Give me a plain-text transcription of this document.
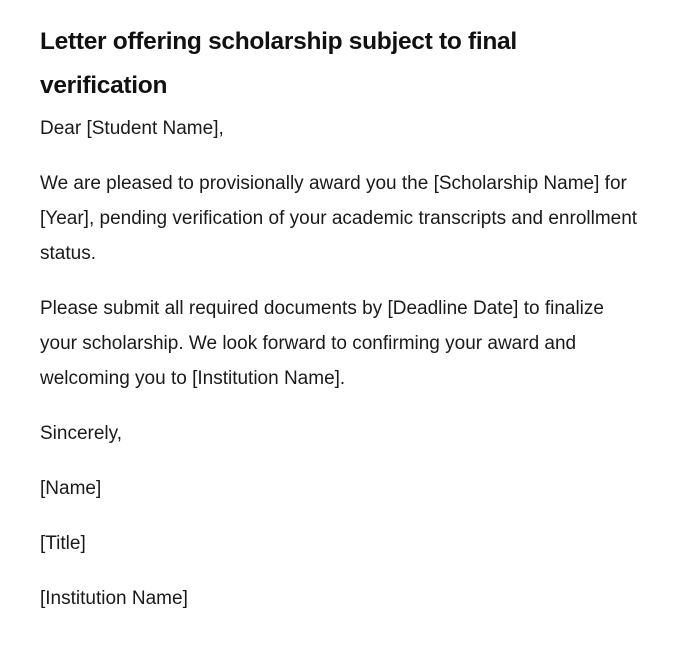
Letter offering scholarship subject to final verification

Dear [Student Name],

We are pleased to provisionally award you the [Scholarship Name] for [Year], pending verification of your academic transcripts and enrollment status.

Please submit all required documents by [Deadline Date] to finalize your scholarship. We look forward to confirming your award and welcoming you to [Institution Name].

Sincerely,

[Name]

[Title]

[Institution Name]
